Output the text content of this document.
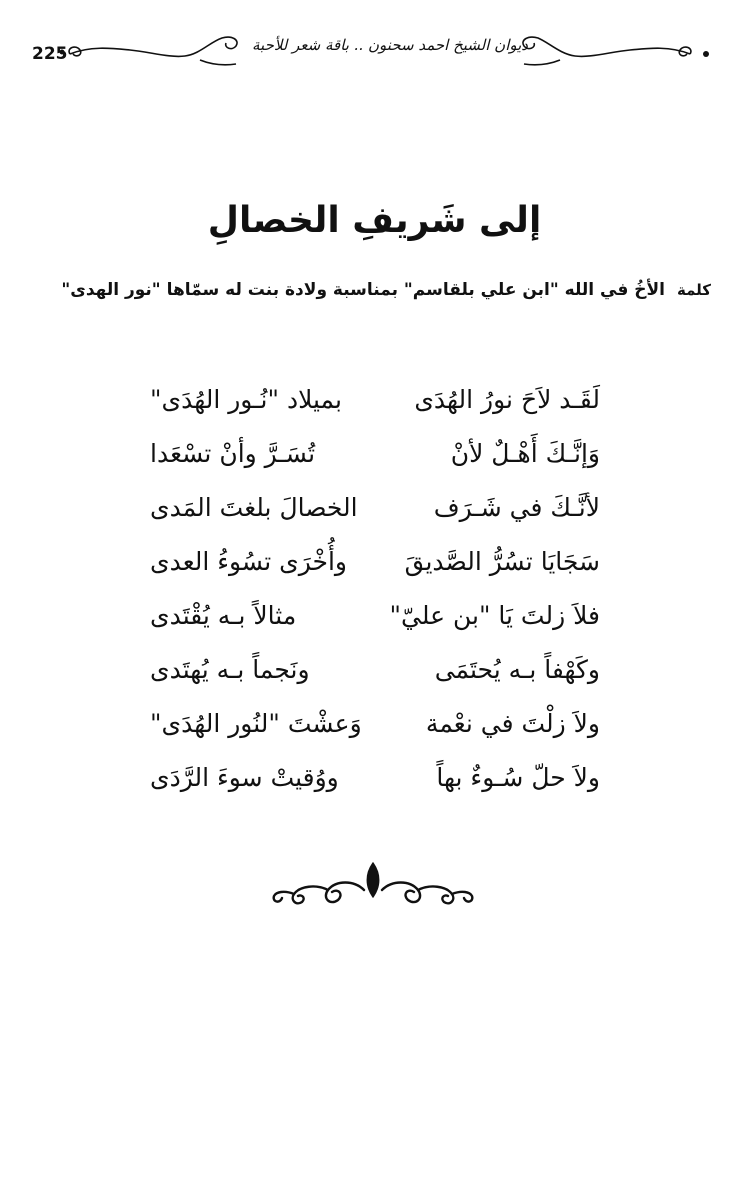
225	ديوان الشيخ احمد سحنون .. باقة شعر للأحبة
إلى شَريفِ الخصالِ
كلمةالأخُ في الله "ابن علي بلقاسم" بمناسبة ولادة بنت له سمّاها "نور الهدى"
لَقَـد لاَحَ نورُ الهُدَى
بميلاد "نُـور الهُدَى"
وَإنَّـكَ أَهْـلٌ لأنْ
تُسَـرَّ وأنْ تسْعَدا
لأنَّـكَ في شَـرَف
الخصالَ بلغتَ المَدى
سَجَايَا تسُرُّ الصَّديقَ
وأُخْرَى تسُوءُ العدى
فلاَ زلتَ يَا "بن عليّ"
مثالاً بـه يُقْتَدى
وكَهْفاً بـه يُحتَمَى
ونَجماً بـه يُهتَدى
ولاَ زلْتَ في نعْمة
وَعشْتَ "لنُور الهُدَى"
ولاَ حلّ سُـوءٌ بهاً
ووُقيتْ سوءَ الرَّدَى
